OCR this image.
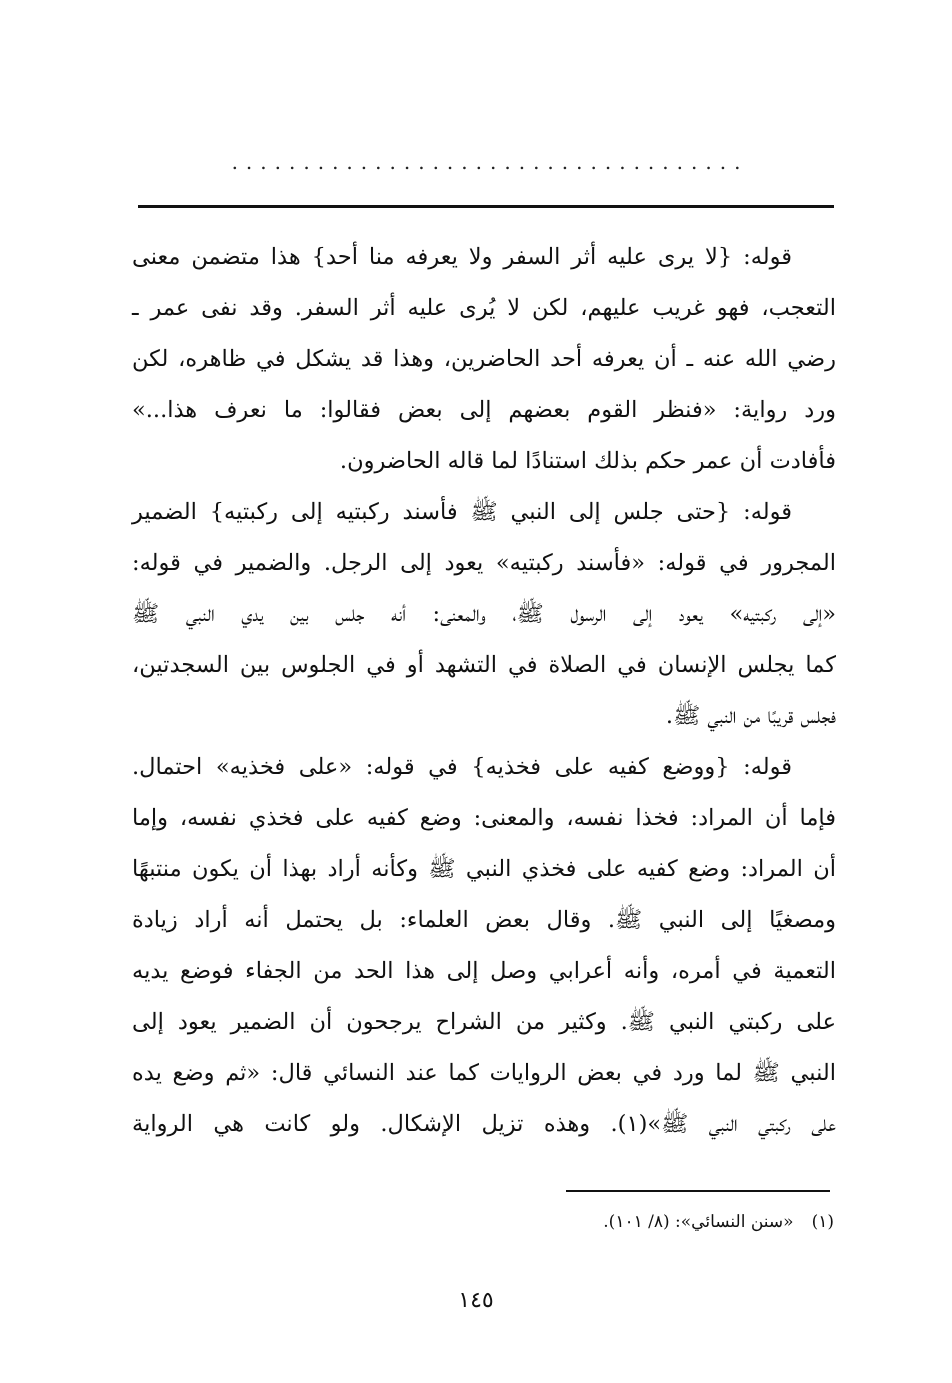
....................................

قوله: {لا يرى عليه أثر السفر ولا يعرفه منا أحد} هذا متضمن معنى
التعجب، فهو غريب عليهم، لكن لا يُرى عليه أثر السفر. وقد نفى عمر ـ
رضي الله عنه ـ أن يعرفه أحد الحاضرين، وهذا قد يشكل في ظاهره، لكن
ورد رواية: «فنظر القوم بعضهم إلى بعض فقالوا: ما نعرف هذا...»
فأفادت أن عمر حكم بذلك استنادًا لما قاله الحاضرون.

قوله: {حتى جلس إلى النبي ﷺ فأسند ركبتيه إلى ركبتيه} الضمير
المجرور في قوله: «فأسند ركبتيه» يعود إلى الرجل. والضمير في قوله:
«إلى ركبتيه» يعود إلى الرسول ﷺ، والمعنى: أنه جلس بين يدي النبي ﷺ
كما يجلس الإنسان في الصلاة في التشهد أو في الجلوس بين السجدتين،
فجلس قريبًا من النبي ﷺ.

قوله: {ووضع كفيه على فخذيه} في قوله: «على فخذيه» احتمال.
فإما أن المراد: فخذا نفسه، والمعنى: وضع كفيه على فخذي نفسه، وإما
أن المراد: وضع كفيه على فخذي النبي ﷺ وكأنه أراد بهذا أن يكون منتبهًا
ومصغيًا إلى النبي ﷺ. وقال بعض العلماء: بل يحتمل أنه أراد زيادة
التعمية في أمره، وأنه أعرابي وصل إلى هذا الحد من الجفاء فوضع يديه
على ركبتي النبي ﷺ. وكثير من الشراح يرجحون أن الضمير يعود إلى
النبي ﷺ لما ورد في بعض الروايات كما عند النسائي قال: «ثم وضع يده
على ركبتي النبي ﷺ»(١). وهذه تزيل الإشكال. ولو كانت هي الرواية

(١)«سنن النسائي»: (٨/ ١٠١).
١٤٥
